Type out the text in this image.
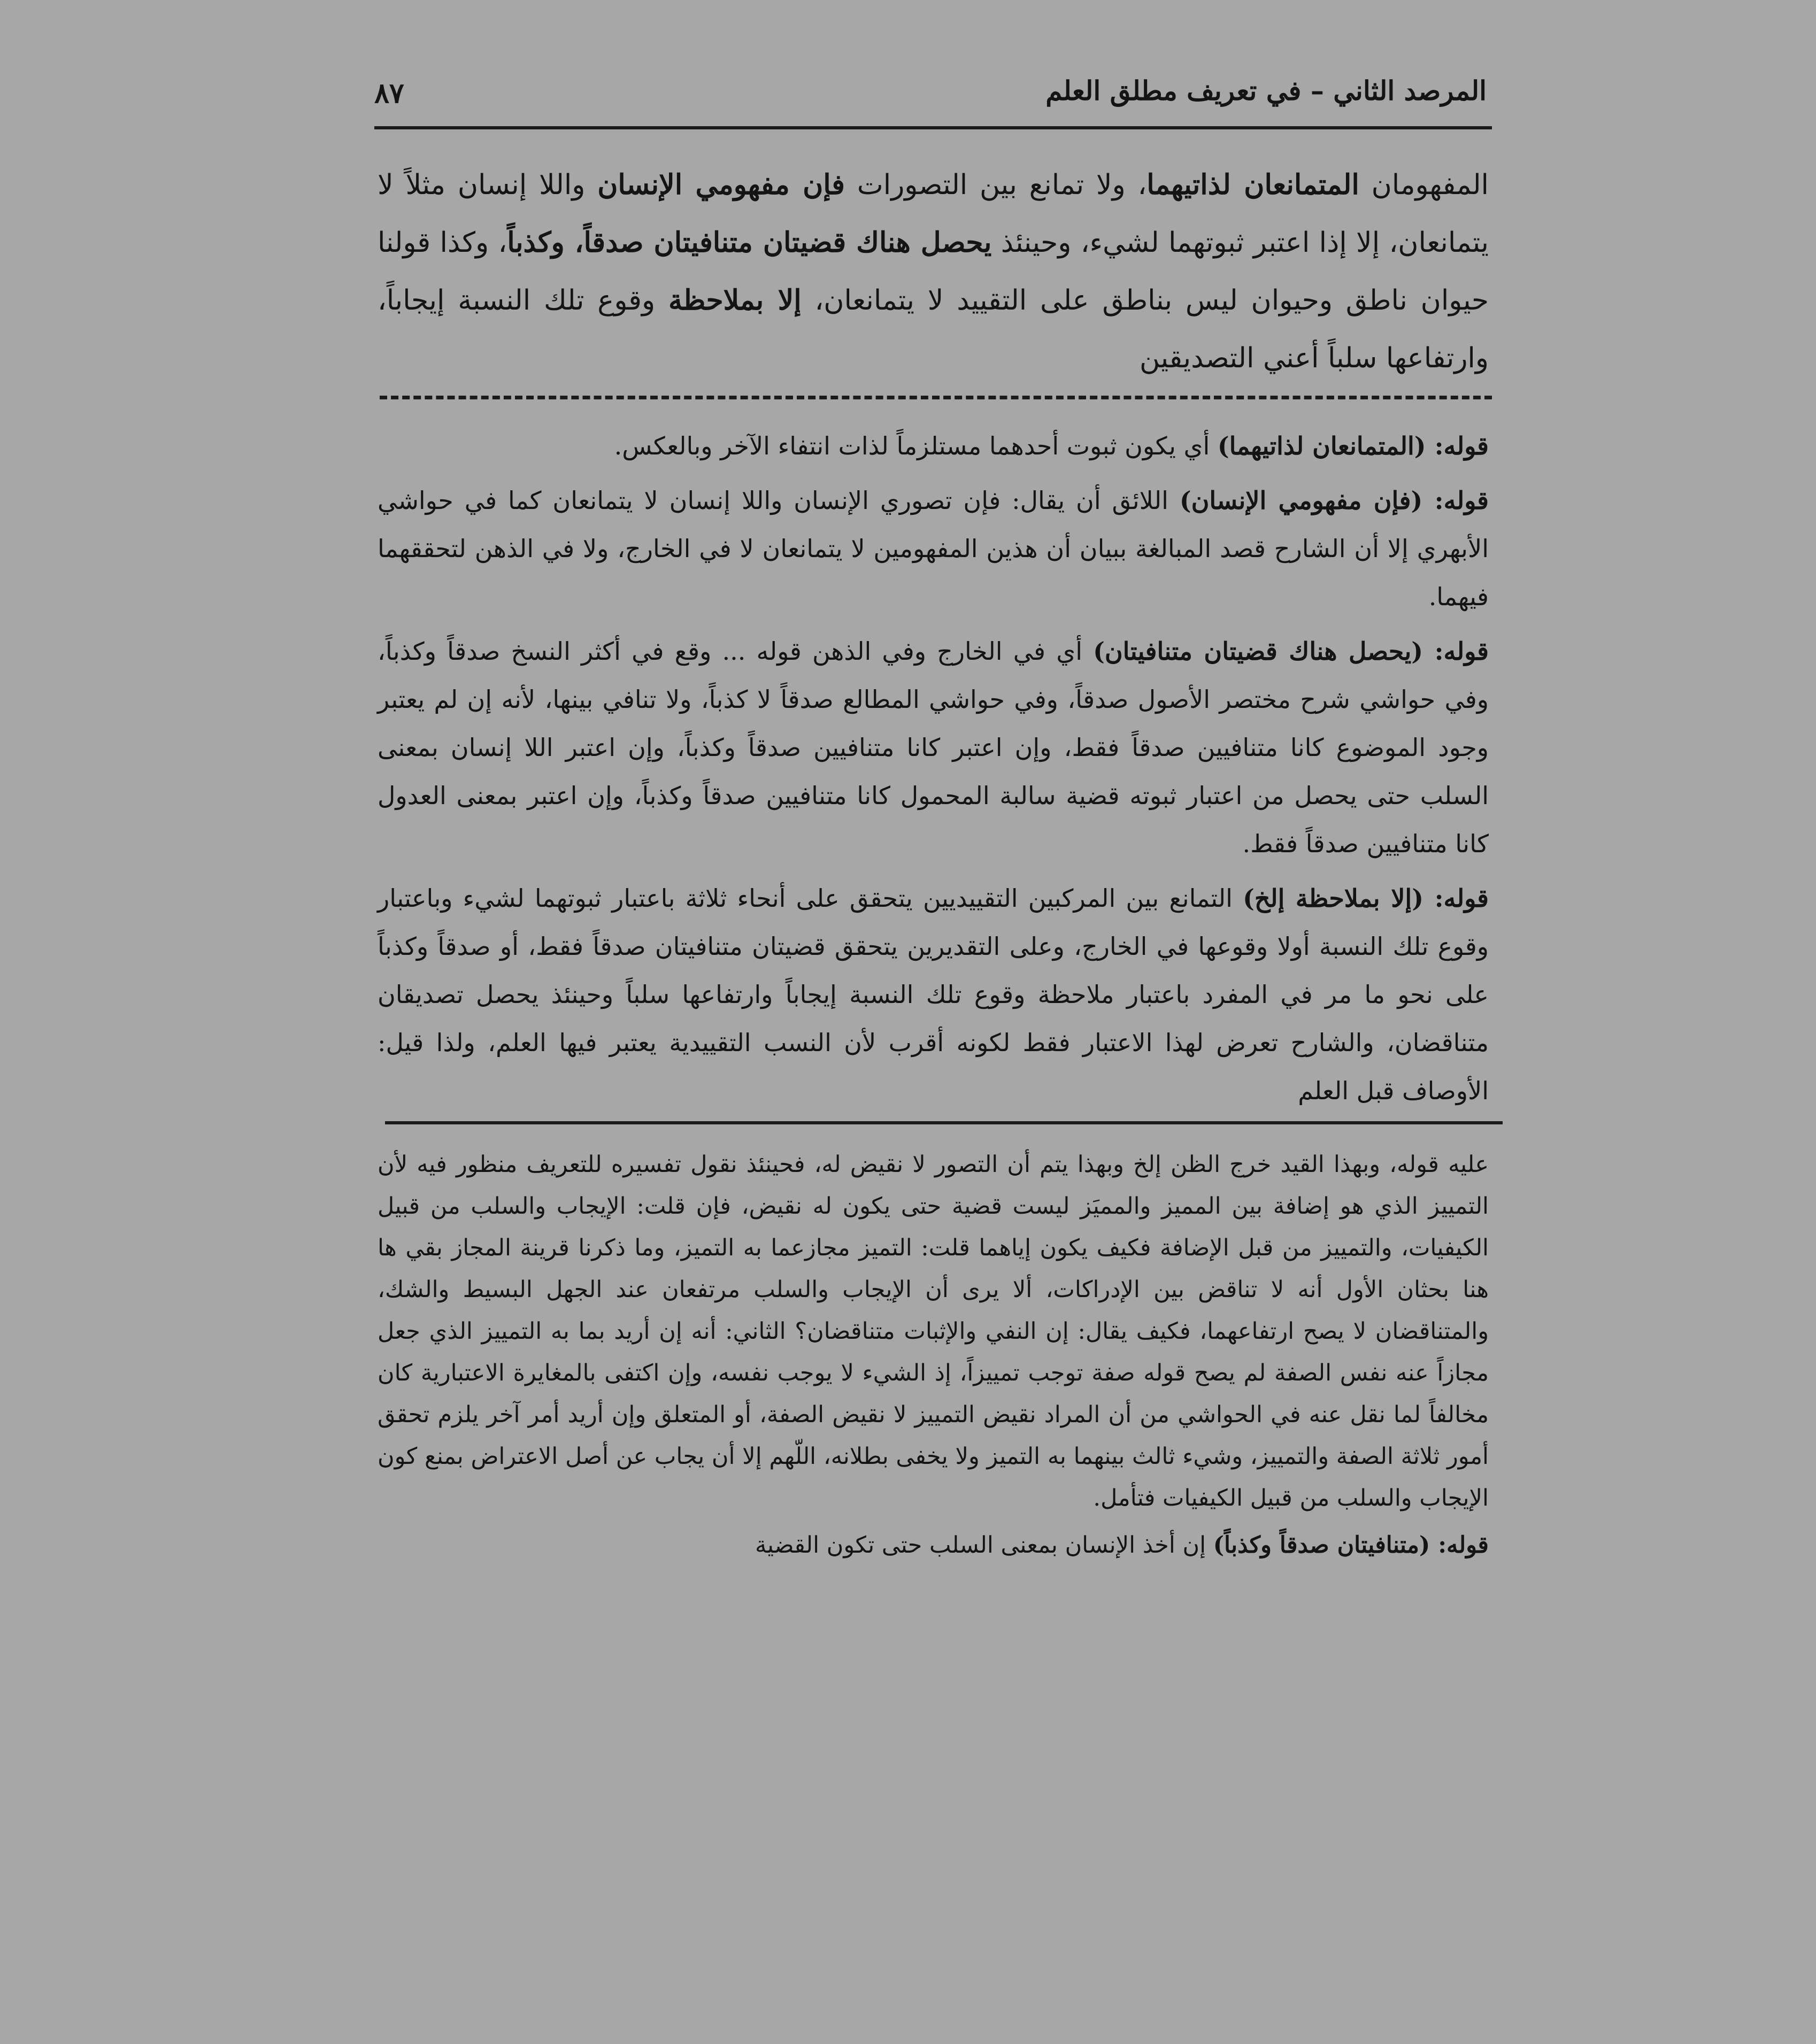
المرصد الثاني – في تعريف مطلق العلم
٨٧
المفهومان المتمانعان لذاتيهما، ولا تمانع بين التصورات فإن مفهومي الإنسان واللا إنسان مثلاً لا يتمانعان، إلا إذا اعتبر ثبوتهما لشيء، وحينئذ يحصل هناك قضيتان متنافيتان صدقاً، وكذباً، وكذا قولنا حيوان ناطق وحيوان ليس بناطق على التقييد لا يتمانعان، إلا بملاحظة وقوع تلك النسبة إيجاباً، وارتفاعها سلباً أعني التصديقين

قوله: (المتمانعان لذاتيهما) أي يكون ثبوت أحدهما مستلزماً لذات انتفاء الآخر وبالعكس.

قوله: (فإن مفهومي الإنسان) اللائق أن يقال: فإن تصوري الإنسان واللا إنسان لا يتمانعان كما في حواشي الأبهري إلا أن الشارح قصد المبالغة ببيان أن هذين المفهومين لا يتمانعان لا في الخارج، ولا في الذهن لتحققهما فيهما.

قوله: (يحصل هناك قضيتان متنافيتان) أي في الخارج وفي الذهن قوله ... وقع في أكثر النسخ صدقاً وكذباً، وفي حواشي شرح مختصر الأصول صدقاً، وفي حواشي المطالع صدقاً لا كذباً، ولا تنافي بينها، لأنه إن لم يعتبر وجود الموضوع كانا متنافيين صدقاً فقط، وإن اعتبر كانا متنافيين صدقاً وكذباً، وإن اعتبر اللا إنسان بمعنى السلب حتى يحصل من اعتبار ثبوته قضية سالبة المحمول كانا متنافيين صدقاً وكذباً، وإن اعتبر بمعنى العدول كانا متنافيين صدقاً فقط.

قوله: (إلا بملاحظة إلخ) التمانع بين المركبين التقييديين يتحقق على أنحاء ثلاثة باعتبار ثبوتهما لشيء وباعتبار وقوع تلك النسبة أولا وقوعها في الخارج، وعلى التقديرين يتحقق قضيتان متنافيتان صدقاً فقط، أو صدقاً وكذباً على نحو ما مر في المفرد باعتبار ملاحظة وقوع تلك النسبة إيجاباً وارتفاعها سلباً وحينئذ يحصل تصديقان متناقضان، والشارح تعرض لهذا الاعتبار فقط لكونه أقرب لأن النسب التقييدية يعتبر فيها العلم، ولذا قيل: الأوصاف قبل العلم

عليه قوله، وبهذا القيد خرج الظن إلخ وبهذا يتم أن التصور لا نقيض له، فحينئذ نقول تفسيره للتعريف منظور فيه لأن التمييز الذي هو إضافة بين المميز والمميَز ليست قضية حتى يكون له نقيض، فإن قلت: الإيجاب والسلب من قبيل الكيفيات، والتمييز من قبل الإضافة فكيف يكون إياهما قلت: التميز مجازعما به التميز، وما ذكرنا قرينة المجاز بقي ها هنا بحثان الأول أنه لا تناقض بين الإدراكات، ألا يرى أن الإيجاب والسلب مرتفعان عند الجهل البسيط والشك، والمتناقضان لا يصح ارتفاعهما، فكيف يقال: إن النفي والإثبات متناقضان؟ الثاني: أنه إن أريد بما به التمييز الذي جعل مجازاً عنه نفس الصفة لم يصح قوله صفة توجب تمييزاً، إذ الشيء لا يوجب نفسه، وإن اكتفى بالمغايرة الاعتبارية كان مخالفاً لما نقل عنه في الحواشي من أن المراد نقيض التمييز لا نقيض الصفة، أو المتعلق وإن أريد أمر آخر يلزم تحقق أمور ثلاثة الصفة والتمييز، وشيء ثالث بينهما به التميز ولا يخفى بطلانه، اللّهم إلا أن يجاب عن أصل الاعتراض بمنع كون الإيجاب والسلب من قبيل الكيفيات فتأمل.

قوله: (متنافيتان صدقاً وكذباً) إن أخذ الإنسان بمعنى السلب حتى تكون القضية
